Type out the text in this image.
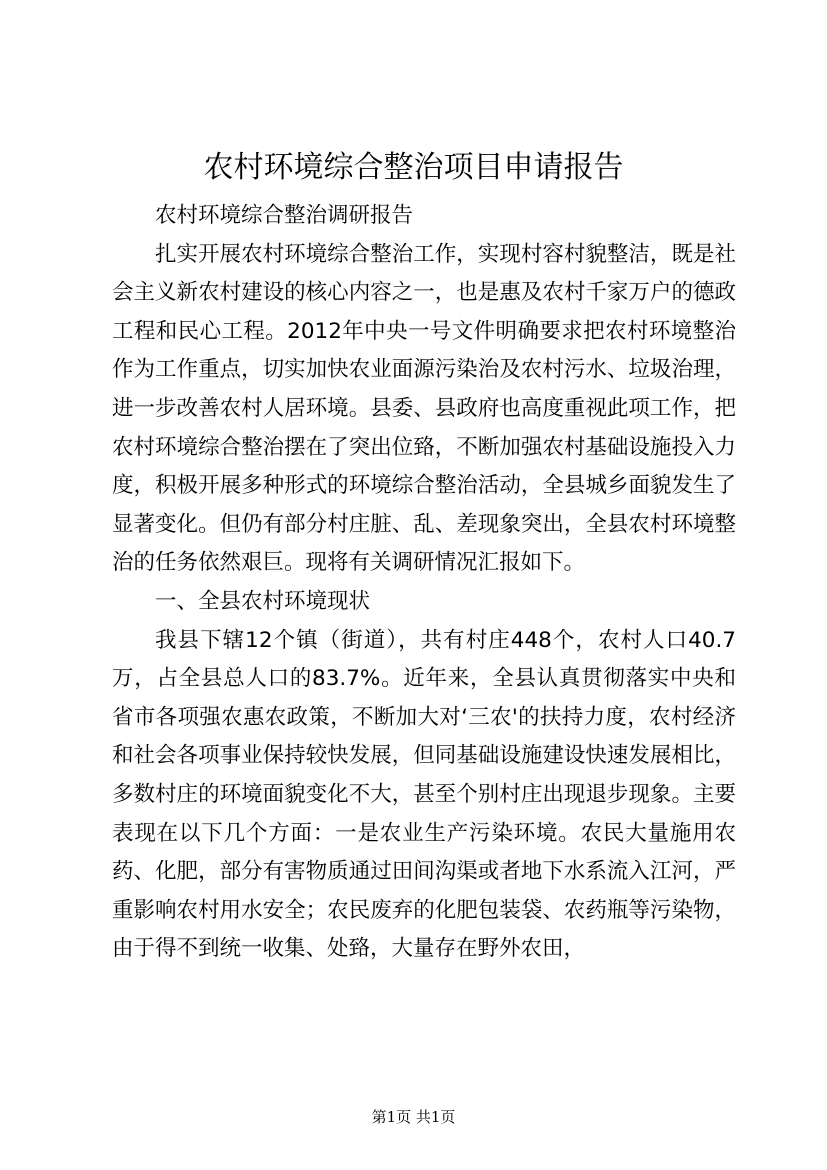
农村环境综合整治项目申请报告

农村环境综合整治调研报告

扎实开展农村环境综合整治工作，实现村容村貌整洁，既是社会主义新农村建设的核心内容之一，也是惠及农村千家万户的德政工程和民心工程。2012年中央一号文件明确要求把农村环境整治作为工作重点，切实加快农业面源污染治及农村污水、垃圾治理，进一步改善农村人居环境。县委、县政府也高度重视此项工作，把农村环境综合整治摆在了突出位臵，不断加强农村基础设施投入力度，积极开展多种形式的环境综合整治活动，全县城乡面貌发生了显著变化。但仍有部分村庄脏、乱、差现象突出，全县农村环境整治的任务依然艰巨。现将有关调研情况汇报如下。

一、全县农村环境现状

我县下辖12个镇（街道），共有村庄448个，农村人口40.7万，占全县总人口的83.7%。近年来，全县认真贯彻落实中央和省市各项强农惠农政策，不断加大对‘三农'的扶持力度，农村经济和社会各项事业保持较快发展，但同基础设施建设快速发展相比，多数村庄的环境面貌变化不大，甚至个别村庄出现退步现象。主要表现在以下几个方面：一是农业生产污染环境。农民大量施用农药、化肥，部分有害物质通过田间沟渠或者地下水系流入江河，严重影响农村用水安全；农民废弃的化肥包装袋、农药瓶等污染物，由于得不到统一收集、处臵，大量存在野外农田，

第1页 共1页
